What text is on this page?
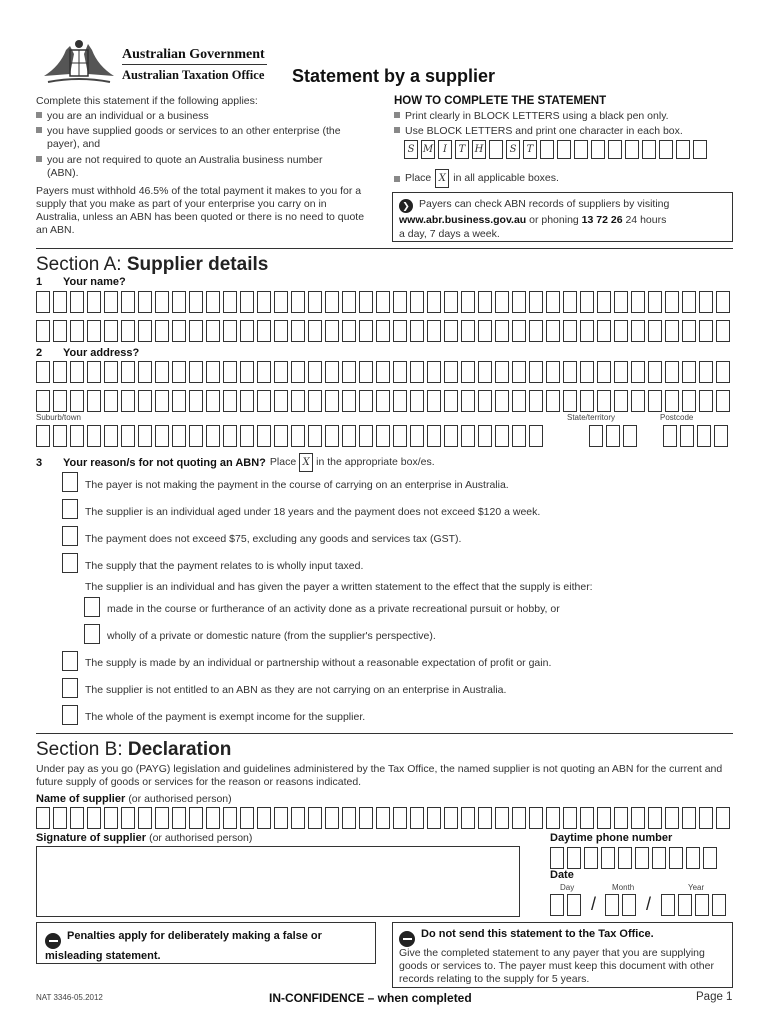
Australian Government
Australian Taxation Office Statement by a supplier
Complete this statement if the following applies:
you are an individual or a business
you have supplied goods or services to an other enterprise (the payer), and
you are not required to quote an Australia business number (ABN).
Payers must withhold 46.5% of the total payment it makes to you for a supply that you make as part of your enterprise you carry on in Australia, unless an ABN has been quoted or there is no need to quote an ABN.
HOW TO COMPLETE THE STATEMENT
Print clearly in BLOCK LETTERS using a black pen only.
Use BLOCK LETTERS and print one character in each box.
S M I	T H	S	T
Place X in all applicable boxes.
❯ Payers can check ABN records of suppliers by visiting
www.abr.business.gov.au or phoning 13 72 26 24 hours
a day, 7 days a week.
Section A: Supplier details
1 Your name?
2 Your address?
Suburb/town	State/territory	Postcode
3 Your reason/s for not quoting an ABN? Place X in the appropriate box/es.
The payer is not making the payment in the course of carrying on an enterprise in Australia.
The supplier is an individual aged under 18 years and the payment does not exceed $120 a week.
The payment does not exceed $75, excluding any goods and services tax (GST).
The supply that the payment relates to is wholly input taxed.
The supplier is an individual and has given the payer a written statement to the effect that the supply is either:
made in the course or furtherance of an activity done as a private recreational pursuit or hobby, or
wholly of a private or domestic nature (from the supplier's perspective).
The supply is made by an individual or partnership without a reasonable expectation of profit or gain.
The supplier is not entitled to an ABN as they are not carrying on an enterprise in Australia.
The whole of the payment is exempt income for the supplier.
Section B: Declaration
Under pay as you go (PAYG) legislation and guidelines administered by the Tax Office, the named supplier is not quoting an ABN for the current and future supply of goods or services for the reason or reasons indicated.
Name of supplier (or authorised person)
Signature of supplier (or authorised person)	Daytime phone number
Date
Day	Month	Year
/	/
Penalties apply for deliberately making a false or misleading statement.
Do not send this statement to the Tax Office.
Give the completed statement to any payer that you are supplying goods or services to. The payer must keep this document with other records relating to the supply for 5 years.
NAT 3346-05.2012	IN-CONFIDENCE – when completed	Page 1
